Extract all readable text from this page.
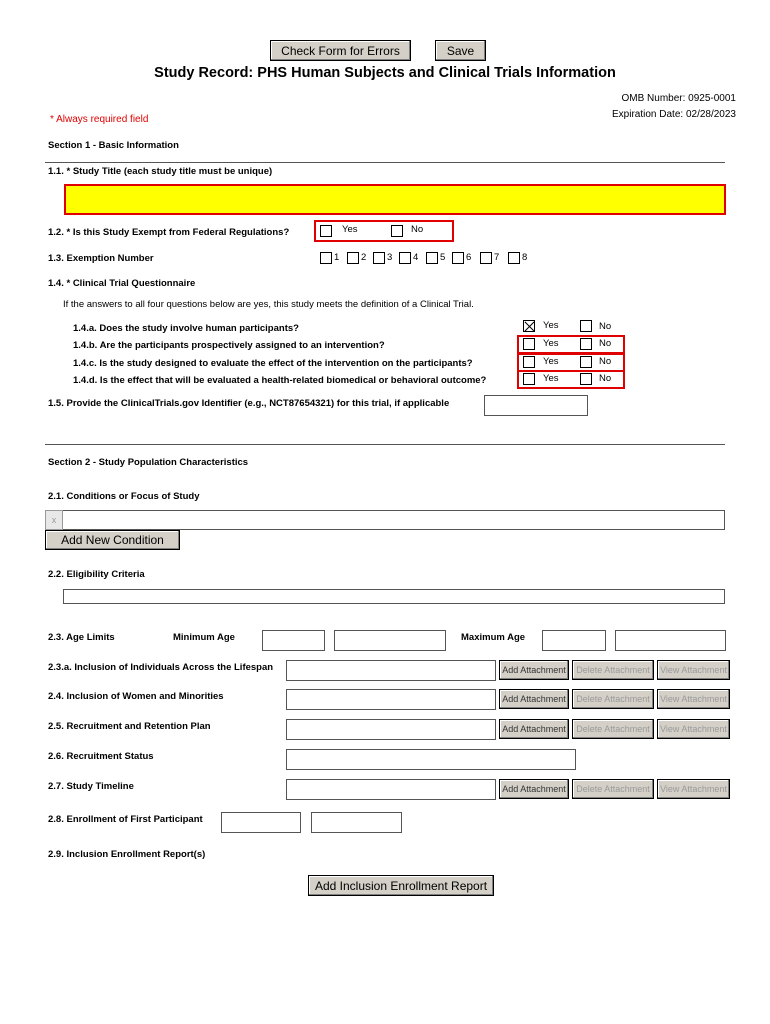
Check Form for Errors	Save
Study Record: PHS Human Subjects and Clinical Trials Information
OMB Number: 0925-0001
Expiration Date: 02/28/2023
* Always required field
Section 1 - Basic Information
1.1. * Study Title (each study title must be unique)
1.2. * Is this Study Exempt from Federal Regulations?	Yes	No
1.3. Exemption Number	1 2 3 4 5 6 7 8
1.4. * Clinical Trial Questionnaire
If the answers to all four questions below are yes, this study meets the definition of a Clinical Trial.
1.4.a. Does the study involve human participants?	Yes	No
1.4.b. Are the participants prospectively assigned to an intervention?	Yes	No
1.4.c. Is the study designed to evaluate the effect of the intervention on the participants?	Yes	No
1.4.d. Is the effect that will be evaluated a health-related biomedical or behavioral outcome?	Yes	No
1.5. Provide the ClinicalTrials.gov Identifier (e.g., NCT87654321) for this trial, if applicable
Section 2 - Study Population Characteristics
2.1. Conditions or Focus of Study
x
Add New Condition
2.2. Eligibility Criteria
2.3. Age Limits	Minimum Age	Maximum Age
2.3.a. Inclusion of Individuals Across the Lifespan	Add Attachment	Delete Attachment	View Attachment
2.4. Inclusion of Women and Minorities	Add Attachment	Delete Attachment	View Attachment
2.5. Recruitment and Retention Plan	Add Attachment	Delete Attachment	View Attachment
2.6. Recruitment Status
2.7. Study Timeline	Add Attachment	Delete Attachment	View Attachment
2.8. Enrollment of First Participant
2.9. Inclusion Enrollment Report(s)
Add Inclusion Enrollment Report
